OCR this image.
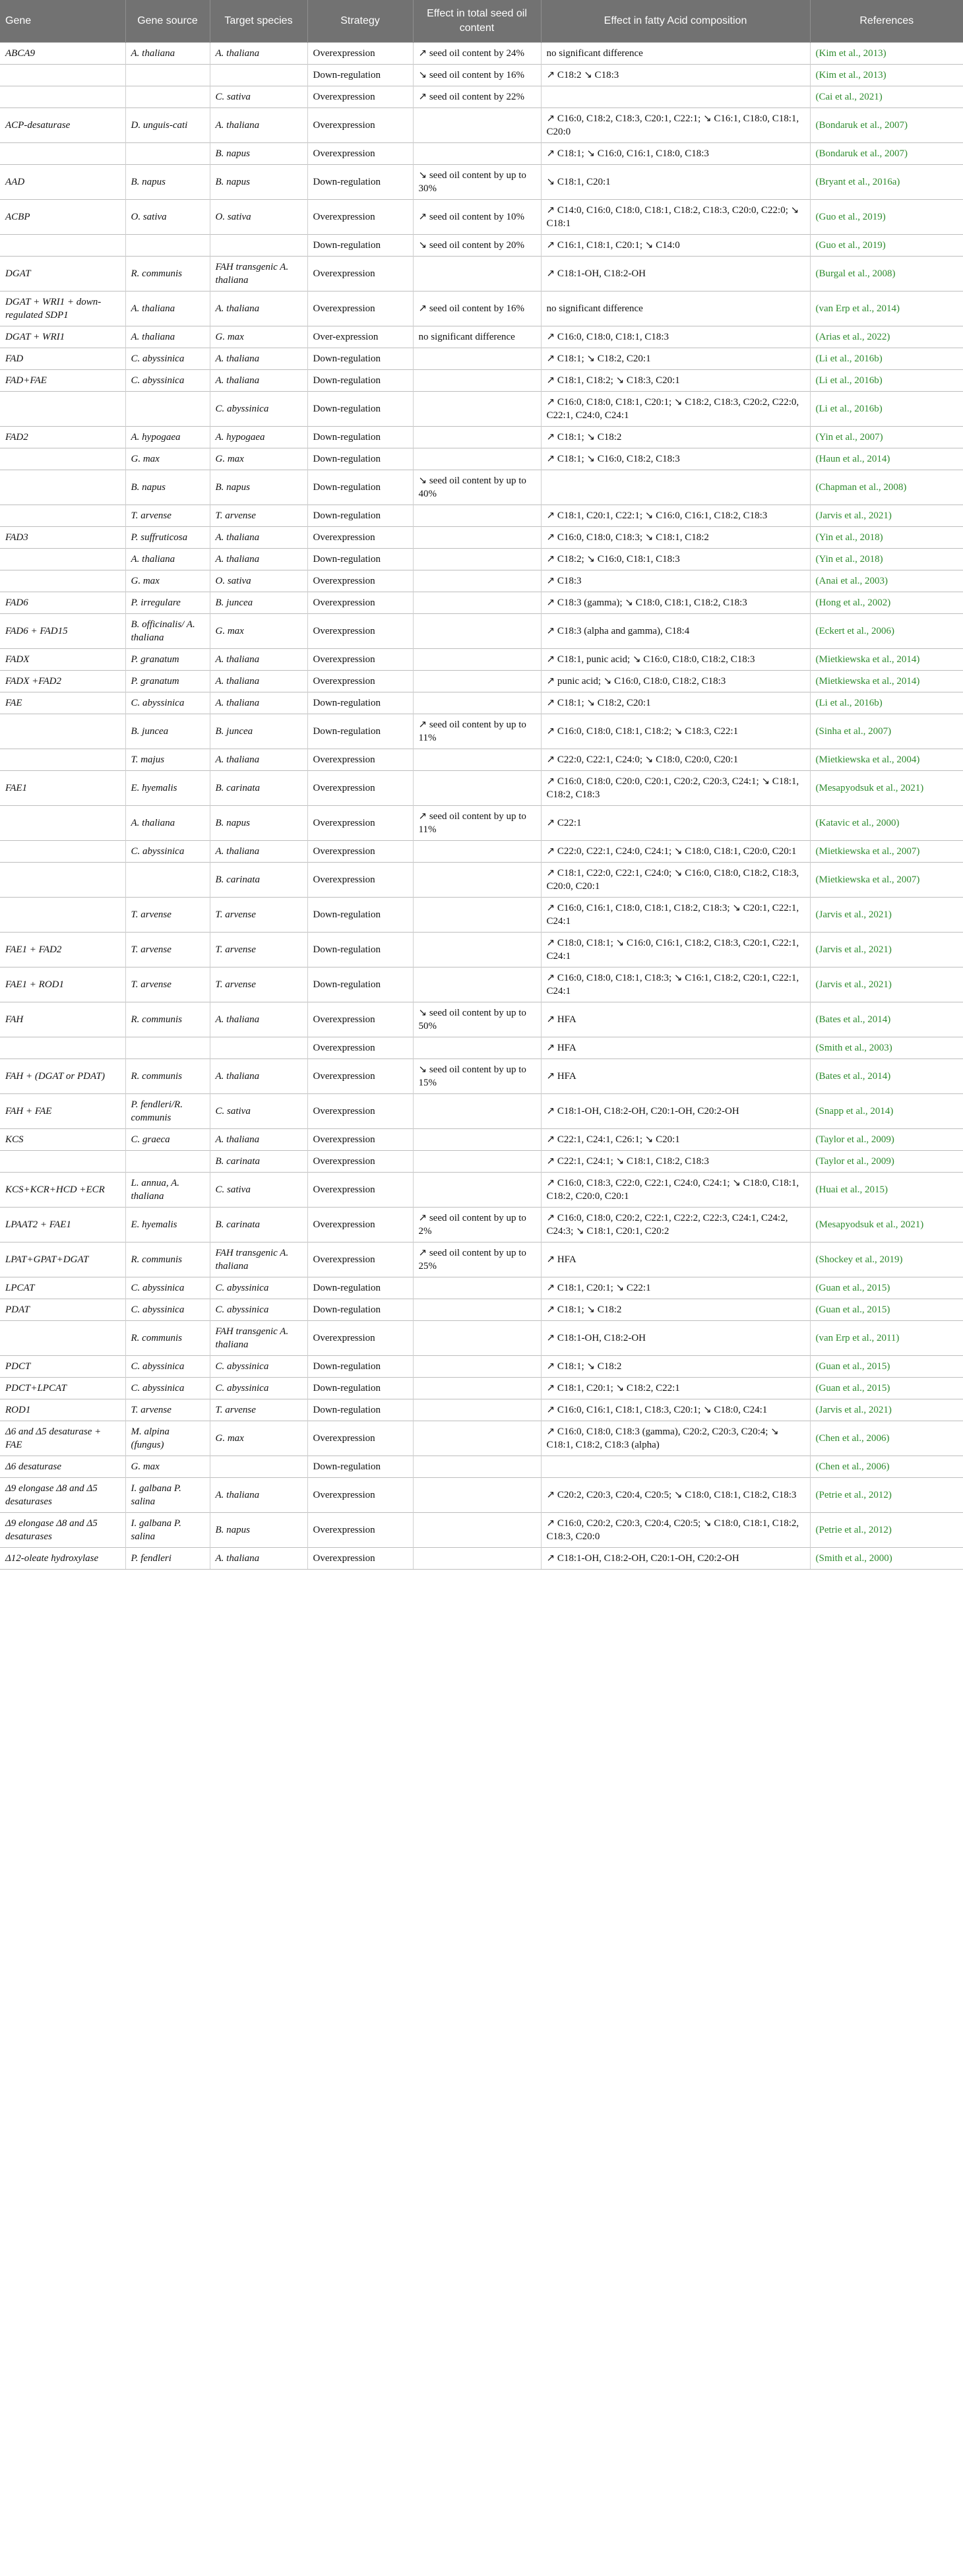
Gene	Gene source	Target species	Strategy	Effect in total seed oil content	Effect in fatty Acid composition	References
ABCA9	A. thaliana	A. thaliana	Overexpression	↗ seed oil content by 24%	no significant difference	(Kim et al., 2013)
			Down-regulation	↘ seed oil content by 16%	↗ C18:2 ↘ C18:3	(Kim et al., 2013)
		C. sativa	Overexpression	↗ seed oil content by 22%		(Cai et al., 2021)
ACP-desaturase	D. unguis-cati	A. thaliana	Overexpression		↗ C16:0, C18:2, C18:3, C20:1, C22:1; ↘ C16:1, C18:0, C18:1, C20:0	(Bondaruk et al., 2007)
		B. napus	Overexpression		↗ C18:1; ↘ C16:0, C16:1, C18:0, C18:3	(Bondaruk et al., 2007)
AAD	B. napus	B. napus	Down-regulation	↘ seed oil content by up to 30%	↘ C18:1, C20:1	(Bryant et al., 2016a)
ACBP	O. sativa	O. sativa	Overexpression	↗ seed oil content by 10%	↗ C14:0, C16:0, C18:0, C18:1, C18:2, C18:3, C20:0, C22:0; ↘ C18:1	(Guo et al., 2019)
			Down-regulation	↘ seed oil content by 20%	↗ C16:1, C18:1, C20:1; ↘ C14:0	(Guo et al., 2019)
DGAT	R. communis	FAH transgenic A. thaliana	Overexpression		↗ C18:1-OH, C18:2-OH	(Burgal et al., 2008)
DGAT + WRI1 + down-regulated SDP1	A. thaliana	A. thaliana	Overexpression	↗ seed oil content by 16%	no significant difference	(van Erp et al., 2014)
DGAT + WRI1	A. thaliana	G. max	Over-expression	no significant difference	↗ C16:0, C18:0, C18:1, C18:3	(Arias et al., 2022)
FAD	C. abyssinica	A. thaliana	Down-regulation		↗ C18:1; ↘ C18:2, C20:1	(Li et al., 2016b)
FAD+FAE	C. abyssinica	A. thaliana	Down-regulation		↗ C18:1, C18:2; ↘ C18:3, C20:1	(Li et al., 2016b)
		C. abyssinica	Down-regulation		↗ C16:0, C18:0, C18:1, C20:1; ↘ C18:2, C18:3, C20:2, C22:0, C22:1, C24:0, C24:1	(Li et al., 2016b)
FAD2	A. hypogaea	A. hypogaea	Down-regulation		↗ C18:1; ↘ C18:2	(Yin et al., 2007)
	G. max	G. max	Down-regulation		↗ C18:1; ↘ C16:0, C18:2, C18:3	(Haun et al., 2014)
	B. napus	B. napus	Down-regulation	↘ seed oil content by up to 40%		(Chapman et al., 2008)
	T. arvense	T. arvense	Down-regulation		↗ C18:1, C20:1, C22:1; ↘ C16:0, C16:1, C18:2, C18:3	(Jarvis et al., 2021)
FAD3	P. suffruticosa	A. thaliana	Overexpression		↗ C16:0, C18:0, C18:3; ↘ C18:1, C18:2	(Yin et al., 2018)
	A. thaliana	A. thaliana	Down-regulation		↗ C18:2; ↘ C16:0, C18:1, C18:3	(Yin et al., 2018)
	G. max	O. sativa	Overexpression		↗ C18:3	(Anai et al., 2003)
FAD6	P. irregulare	B. juncea	Overexpression		↗ C18:3 (gamma); ↘ C18:0, C18:1, C18:2, C18:3	(Hong et al., 2002)
FAD6 + FAD15	B. officinalis/ A. thaliana	G. max	Overexpression		↗ C18:3 (alpha and gamma), C18:4	(Eckert et al., 2006)
FADX	P. granatum	A. thaliana	Overexpression		↗ C18:1, punic acid; ↘ C16:0, C18:0, C18:2, C18:3	(Mietkiewska et al., 2014)
FADX +FAD2	P. granatum	A. thaliana	Overexpression		↗ punic acid; ↘ C16:0, C18:0, C18:2, C18:3	(Mietkiewska et al., 2014)
FAE	C. abyssinica	A. thaliana	Down-regulation		↗ C18:1; ↘ C18:2, C20:1	(Li et al., 2016b)
	B. juncea	B. juncea	Down-regulation	↗ seed oil content by up to 11%	↗ C16:0, C18:0, C18:1, C18:2; ↘ C18:3, C22:1	(Sinha et al., 2007)
	T. majus	A. thaliana	Overexpression		↗ C22:0, C22:1, C24:0; ↘ C18:0, C20:0, C20:1	(Mietkiewska et al., 2004)
FAE1	E. hyemalis	B. carinata	Overexpression		↗ C16:0, C18:0, C20:0, C20:1, C20:2, C20:3, C24:1; ↘ C18:1, C18:2, C18:3	(Mesapyodsuk et al., 2021)
	A. thaliana	B. napus	Overexpression	↗ seed oil content by up to 11%	↗ C22:1	(Katavic et al., 2000)
	C. abyssinica	A. thaliana	Overexpression		↗ C22:0, C22:1, C24:0, C24:1; ↘ C18:0, C18:1, C20:0, C20:1	(Mietkiewska et al., 2007)
		B. carinata	Overexpression		↗ C18:1, C22:0, C22:1, C24:0; ↘ C16:0, C18:0, C18:2, C18:3, C20:0, C20:1	(Mietkiewska et al., 2007)
	T. arvense	T. arvense	Down-regulation		↗ C16:0, C16:1, C18:0, C18:1, C18:2, C18:3; ↘ C20:1, C22:1, C24:1	(Jarvis et al., 2021)
FAE1 + FAD2	T. arvense	T. arvense	Down-regulation		↗ C18:0, C18:1; ↘ C16:0, C16:1, C18:2, C18:3, C20:1, C22:1, C24:1	(Jarvis et al., 2021)
FAE1 + ROD1	T. arvense	T. arvense	Down-regulation		↗ C16:0, C18:0, C18:1, C18:3; ↘ C16:1, C18:2, C20:1, C22:1, C24:1	(Jarvis et al., 2021)
FAH	R. communis	A. thaliana	Overexpression	↘ seed oil content by up to 50%	↗ HFA	(Bates et al., 2014)
			Overexpression		↗ HFA	(Smith et al., 2003)
FAH + (DGAT or PDAT)	R. communis	A. thaliana	Overexpression	↘ seed oil content by up to 15%	↗ HFA	(Bates et al., 2014)
FAH + FAE	P. fendleri/R. communis	C. sativa	Overexpression		↗ C18:1-OH, C18:2-OH, C20:1-OH, C20:2-OH	(Snapp et al., 2014)
KCS	C. graeca	A. thaliana	Overexpression		↗ C22:1, C24:1, C26:1; ↘ C20:1	(Taylor et al., 2009)
		B. carinata	Overexpression		↗ C22:1, C24:1; ↘ C18:1, C18:2, C18:3	(Taylor et al., 2009)
KCS+KCR+HCD +ECR	L. annua, A. thaliana	C. sativa	Overexpression		↗ C16:0, C18:3, C22:0, C22:1, C24:0, C24:1; ↘ C18:0, C18:1, C18:2, C20:0, C20:1	(Huai et al., 2015)
LPAAT2 + FAE1	E. hyemalis	B. carinata	Overexpression	↗ seed oil content by up to 2%	↗ C16:0, C18:0, C20:2, C22:1, C22:2, C22:3, C24:1, C24:2, C24:3; ↘ C18:1, C20:1, C20:2	(Mesapyodsuk et al., 2021)
LPAT+GPAT+DGAT	R. communis	FAH transgenic A. thaliana	Overexpression	↗ seed oil content by up to 25%	↗ HFA	(Shockey et al., 2019)
LPCAT	C. abyssinica	C. abyssinica	Down-regulation		↗ C18:1, C20:1; ↘ C22:1	(Guan et al., 2015)
PDAT	C. abyssinica	C. abyssinica	Down-regulation		↗ C18:1; ↘ C18:2	(Guan et al., 2015)
	R. communis	FAH transgenic A. thaliana	Overexpression		↗ C18:1-OH, C18:2-OH	(van Erp et al., 2011)
PDCT	C. abyssinica	C. abyssinica	Down-regulation		↗ C18:1; ↘ C18:2	(Guan et al., 2015)
PDCT+LPCAT	C. abyssinica	C. abyssinica	Down-regulation		↗ C18:1, C20:1; ↘ C18:2, C22:1	(Guan et al., 2015)
ROD1	T. arvense	T. arvense	Down-regulation		↗ C16:0, C16:1, C18:1, C18:3, C20:1; ↘ C18:0, C24:1	(Jarvis et al., 2021)
Δ6 and Δ5 desaturase + FAE	M. alpina (fungus)	G. max	Overexpression		↗ C16:0, C18:0, C18:3 (gamma), C20:2, C20:3, C20:4; ↘ C18:1, C18:2, C18:3 (alpha)	(Chen et al., 2006)
Δ6 desaturase	G. max		Down-regulation			(Chen et al., 2006)
Δ9 elongase Δ8 and Δ5 desaturases	I. galbana P. salina	A. thaliana	Overexpression		↗ C20:2, C20:3, C20:4, C20:5; ↘ C18:0, C18:1, C18:2, C18:3	(Petrie et al., 2012)
Δ9 elongase Δ8 and Δ5 desaturases	I. galbana P. salina	B. napus	Overexpression		↗ C16:0, C20:2, C20:3, C20:4, C20:5; ↘ C18:0, C18:1, C18:2, C18:3, C20:0	(Petrie et al., 2012)
Δ12-oleate hydroxylase	P. fendleri	A. thaliana	Overexpression		↗ C18:1-OH, C18:2-OH, C20:1-OH, C20:2-OH	(Smith et al., 2000)
